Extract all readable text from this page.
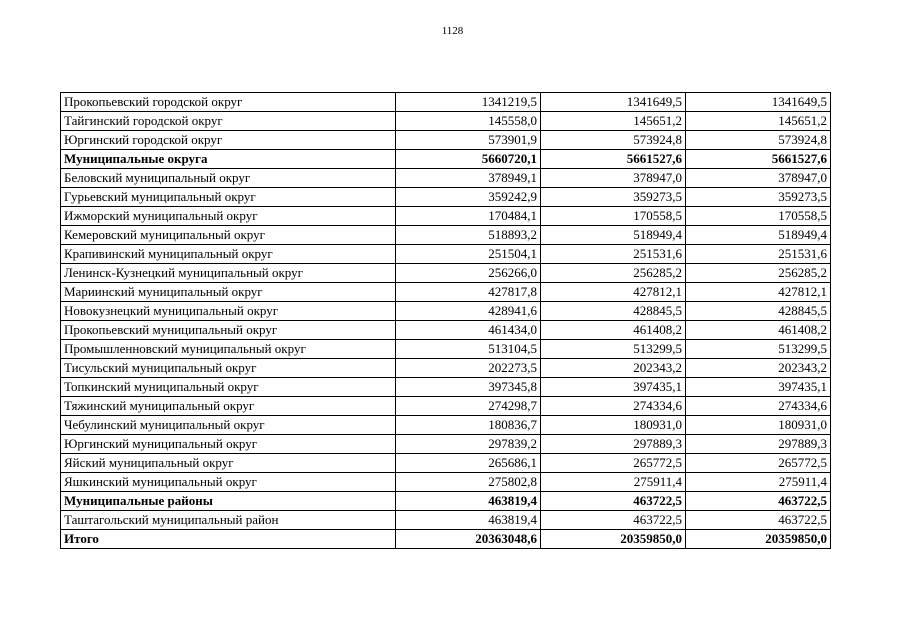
1128
Прокопьевский городской округ	1341219,5	1341649,5	1341649,5
Тайгинский городской округ	145558,0	145651,2	145651,2
Юргинский городской округ	573901,9	573924,8	573924,8
Муниципальные округа	5660720,1	5661527,6	5661527,6
Беловский муниципальный округ	378949,1	378947,0	378947,0
Гурьевский муниципальный округ	359242,9	359273,5	359273,5
Ижморский муниципальный округ	170484,1	170558,5	170558,5
Кемеровский муниципальный округ	518893,2	518949,4	518949,4
Крапивинский муниципальный округ	251504,1	251531,6	251531,6
Ленинск-Кузнецкий муниципальный округ	256266,0	256285,2	256285,2
Мариинский муниципальный округ	427817,8	427812,1	427812,1
Новокузнецкий муниципальный округ	428941,6	428845,5	428845,5
Прокопьевский муниципальный округ	461434,0	461408,2	461408,2
Промышленновский муниципальный округ	513104,5	513299,5	513299,5
Тисульский муниципальный округ	202273,5	202343,2	202343,2
Топкинский муниципальный округ	397345,8	397435,1	397435,1
Тяжинский муниципальный округ	274298,7	274334,6	274334,6
Чебулинский муниципальный округ	180836,7	180931,0	180931,0
Юргинский муниципальный округ	297839,2	297889,3	297889,3
Яйский муниципальный округ	265686,1	265772,5	265772,5
Яшкинский муниципальный округ	275802,8	275911,4	275911,4
Муниципальные районы	463819,4	463722,5	463722,5
Таштагольский муниципальный район	463819,4	463722,5	463722,5
Итого	20363048,6	20359850,0	20359850,0
